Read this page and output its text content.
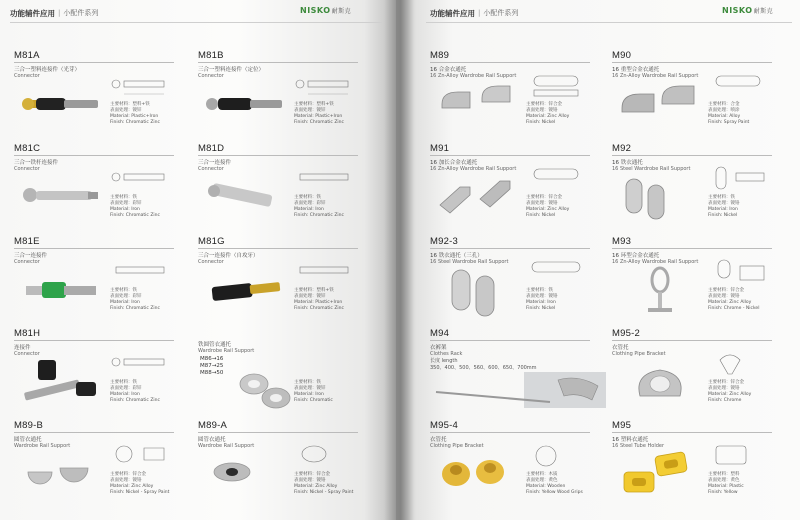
功能辅件应用 | 小配件系列	NISKO耐斯克
M81A
三合一塑料连接件（光芽）
Connector
主要材料：塑料+铁
表面处理：镀锌
Material: Plastic+Iron
Finish: Chromatic Zinc
M81B
三合一塑料连接件（定位）
Connector
主要材料：塑料+铁
表面处理：镀锌
Material: Plastic+Iron
Finish: Chromatic Zinc
M81C
三合一铁杆连接件
Connector
主要材料：铁
表面处理：彩锌
Material: Iron
Finish: Chromatic Zinc
M81D
三合一连接件
Connector
主要材料：铁
表面处理：彩锌
Material: Iron
Finish: Chromatic Zinc
M81E
三合一连接件
Connector
主要材料：铁
表面处理：彩锌
Material: Iron
Finish: Chromatic Zinc
M81G
三合一连接件（自攻牙）
Connector
主要材料：塑料+铁
表面处理：镀锌
Material: Plastic+Iron
Finish: Chromatic Zinc
M81H
连接件
Connector
主要材料：铁
表面处理：彩锌
Material: Iron
Finish: Chromatic Zinc
铁圆管衣通托
Wardrobe Rail Support
M86→16
M87→25
M88→50
主要材料：铁
表面处理：镀锌
Material: Iron
Finish: Chromatic
M89-B
圆管衣通托
Wardrobe Rail Support
主要材料：锌合金
表面处理：镀铬
Material: Zinc Alloy
Finish: Nickel - Spray Paint
M89-A
圆管衣通托
Wardrobe Rail Support
主要材料：锌合金
表面处理：镀铬
Material: Zinc Alloy
Finish: Nickel - Spray Paint
功能辅件应用 | 小配件系列	NISKO耐斯克
M89
16 合金衣通托
16 Zn-Alloy Wardrobe Rail Support
主要材料：锌合金
表面处理：镀铬
Material: Zinc Alloy
Finish: Nickel
M90
16 重型合金衣通托
16 Zn-Alloy Wardrobe Rail Support
主要材料：合金
表面处理：喷涂
Material: Alloy
Finish: Spray Paint
M91
16 加长合金衣通托
16 Zn-Alloy Wardrobe Rail Support
主要材料：锌合金
表面处理：镀铬
Material: Zinc Alloy
Finish: Nickel
M92
16 铁衣通托
16 Steel Wardrobe Rail Support
主要材料：铁
表面处理：镀铬
Material: Iron
Finish: Nickel
M92-3
16 铁衣通托（三孔）
16 Steel Wardrobe Rail Support
主要材料：铁
表面处理：镀铬
Material: Iron
Finish: Nickel
M93
16 环型合金衣通托
16 Zn-Alloy Wardrobe Rail Support
主要材料：锌合金
表面处理：镀铬
Material: Zinc Alloy
Finish: Chrome - Nickel
M94
衣裤架
Clothes Rack
长度 length
350、400、500、560、600、650、700mm
M95-2
衣管托
Clothing Pipe Bracket
主要材料：锌合金
表面处理：镀铬
Material: Zinc Alloy
Finish: Chrome
M95-4
衣管托
Clothing Pipe Bracket
主要材料：木质
表面处理：黄色
Material: Wooden
Finish: Yellow Wood Grips
M95
16 塑料衣通托
16 Steel Tube Holder
主要材料：塑料
表面处理：黄色
Material: Plastic
Finish: Yellow
